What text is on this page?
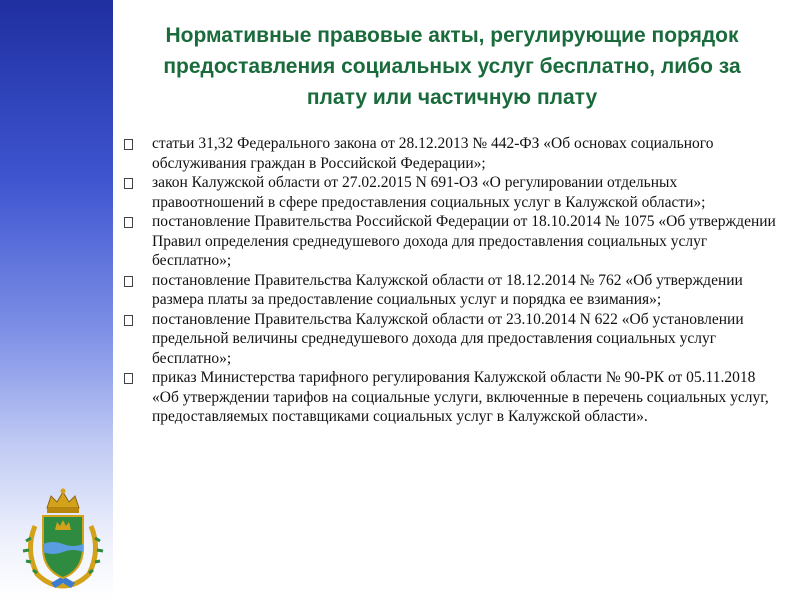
Нормативные правовые акты, регулирующие порядок предоставления социальных услуг бесплатно, либо за плату или частичную плату
статьи 31,32 Федерального закона от 28.12.2013 № 442-ФЗ «Об основах социального обслуживания граждан в Российской Федерации»;
закон Калужской области от 27.02.2015 N 691-ОЗ «О регулировании отдельных правоотношений в сфере предоставления социальных услуг в Калужской области»;
постановление Правительства Российской Федерации от 18.10.2014 № 1075 «Об утверждении Правил определения среднедушевого дохода для предоставления социальных услуг бесплатно»;
постановление Правительства Калужской области от 18.12.2014 № 762 «Об утверждении размера платы за предоставление социальных услуг и порядка ее взимания»;
постановление Правительства Калужской области от 23.10.2014 N 622 «Об установлении предельной величины среднедушевого дохода для предоставления социальных услуг бесплатно»;
приказ Министерства тарифного регулирования Калужской области № 90-РК от 05.11.2018 «Об утверждении тарифов на социальные услуги, включенные в перечень социальных услуг, предоставляемых поставщиками социальных услуг в Калужской области».
